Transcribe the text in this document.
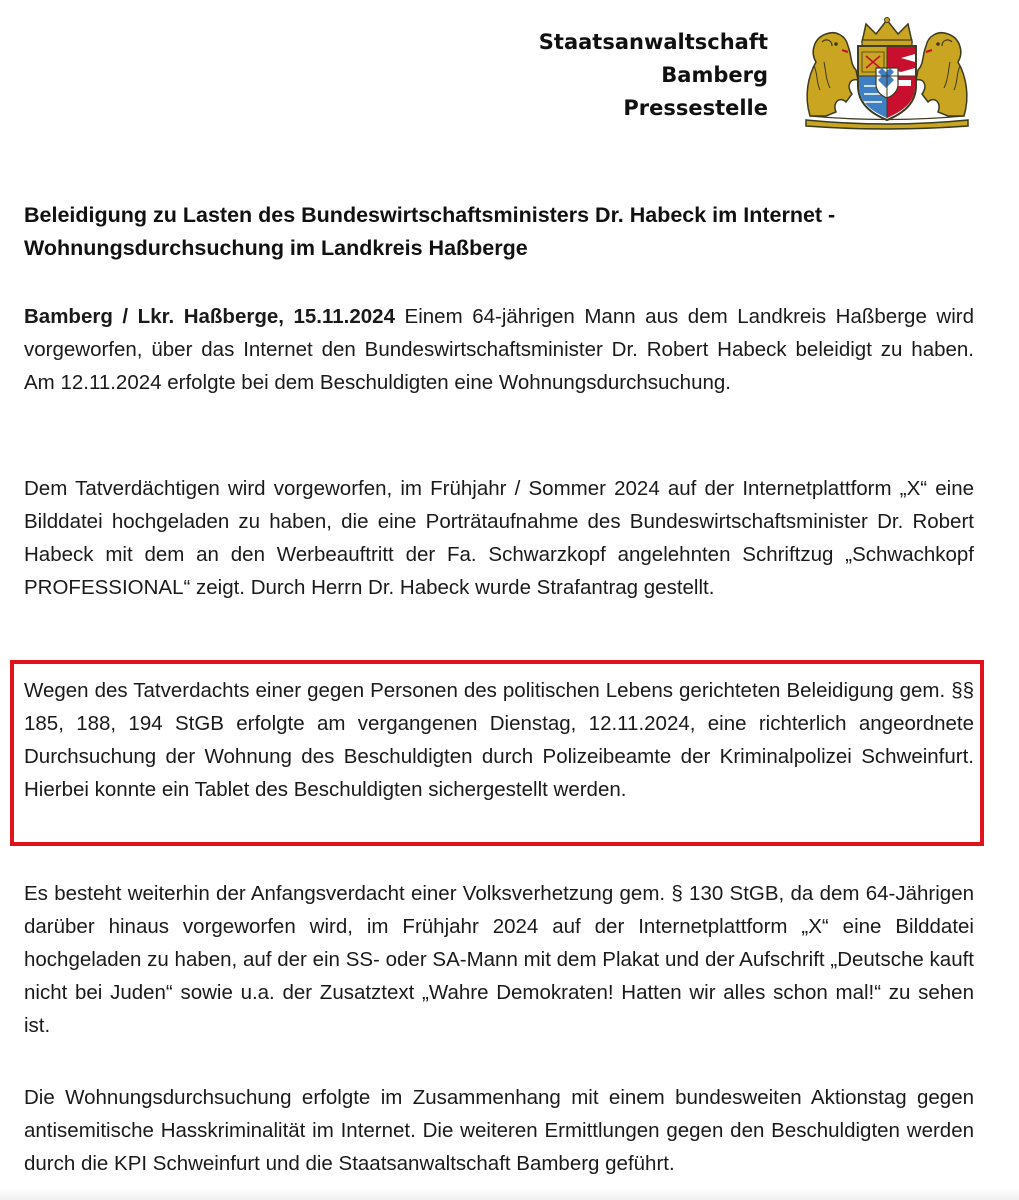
Staatsanwaltschaft
Bamberg
Pressestelle
Beleidigung zu Lasten des Bundeswirtschaftsministers Dr. Habeck im Internet - Wohnungsdurchsuchung im Landkreis Haßberge
Bamberg / Lkr. Haßberge, 15.11.2024 Einem 64-jährigen Mann aus dem Landkreis Haßberge wird vorgeworfen, über das Internet den Bundeswirtschaftsminister Dr. Robert Habeck beleidigt zu haben. Am 12.11.2024 erfolgte bei dem Beschuldigten eine Wohnungsdurchsuchung.
Dem Tatverdächtigen wird vorgeworfen, im Frühjahr / Sommer 2024 auf der Internetplattform „X“ eine Bilddatei hochgeladen zu haben, die eine Porträtaufnahme des Bundeswirtschaftsminister Dr. Robert Habeck mit dem an den Werbeauftritt der Fa. Schwarzkopf angelehnten Schriftzug „Schwachkopf PROFESSIONAL“ zeigt. Durch Herrn Dr. Habeck wurde Strafantrag gestellt.
Wegen des Tatverdachts einer gegen Personen des politischen Lebens gerichteten Beleidigung gem. §§ 185, 188, 194 StGB erfolgte am vergangenen Dienstag, 12.11.2024, eine richterlich angeordnete Durchsuchung der Wohnung des Beschuldigten durch Polizeibeamte der Kriminalpolizei Schweinfurt. Hierbei konnte ein Tablet des Beschuldigten sichergestellt werden.
Es besteht weiterhin der Anfangsverdacht einer Volksverhetzung gem. § 130 StGB, da dem 64-Jährigen darüber hinaus vorgeworfen wird, im Frühjahr 2024 auf der Internetplattform „X“ eine Bilddatei hochgeladen zu haben, auf der ein SS- oder SA-Mann mit dem Plakat und der Aufschrift „Deutsche kauft nicht bei Juden“ sowie u.a. der Zusatztext „Wahre Demokraten! Hatten wir alles schon mal!“ zu sehen ist.
Die Wohnungsdurchsuchung erfolgte im Zusammenhang mit einem bundesweiten Aktionstag gegen antisemitische Hasskriminalität im Internet. Die weiteren Ermittlungen gegen den Beschuldigten werden durch die KPI Schweinfurt und die Staatsanwaltschaft Bamberg geführt.
